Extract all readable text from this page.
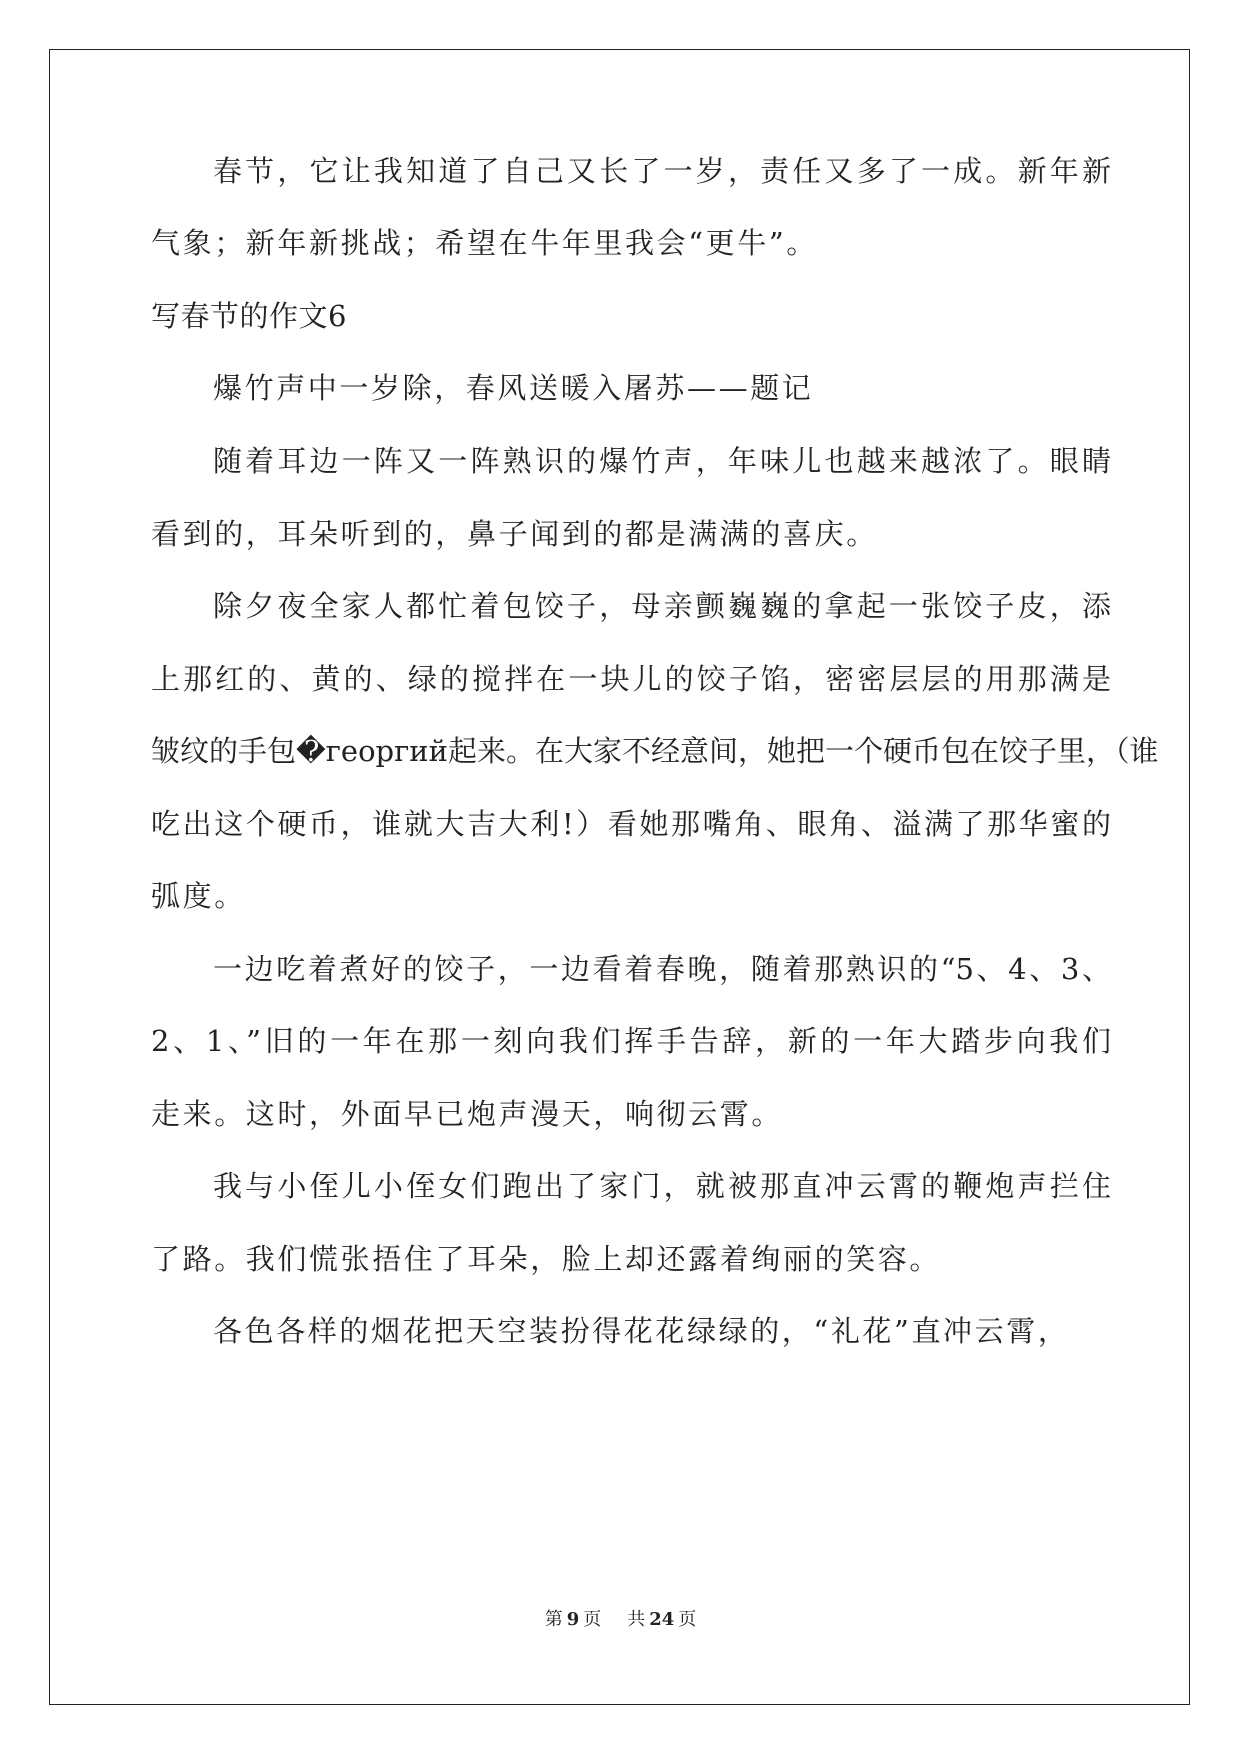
春节，它让我知道了自己又长了一岁，责任又多了一成。新年新
气象；新年新挑战；希望在牛年里我会“更牛”。
写春节的作文6
爆竹声中一岁除，春风送暖入屠苏——题记
随着耳边一阵又一阵熟识的爆竹声，年味儿也越来越浓了。眼睛
看到的，耳朵听到的，鼻子闻到的都是满满的喜庆。
除夕夜全家人都忙着包饺子，母亲颤巍巍的拿起一张饺子皮，添
上那红的、黄的、绿的搅拌在一块儿的饺子馅，密密层层的用那满是
皱纹的手包�георгий起来。在大家不经意间，她把一个硬币包在饺子里，（谁
吃出这个硬币，谁就大吉大利!）看她那嘴角、眼角、溢满了那华蜜的
弧度。
一边吃着煮好的饺子，一边看着春晚，随着那熟识的“5、4、3、
2、1、”旧的一年在那一刻向我们挥手告辞，新的一年大踏步向我们
走来。这时，外面早已炮声漫天，响彻云霄。
我与小侄儿小侄女们跑出了家门，就被那直冲云霄的鞭炮声拦住
了路。我们慌张捂住了耳朵，脸上却还露着绚丽的笑容。
各色各样的烟花把天空装扮得花花绿绿的，“礼花”直冲云霄，
第 9 页 共 24 页
